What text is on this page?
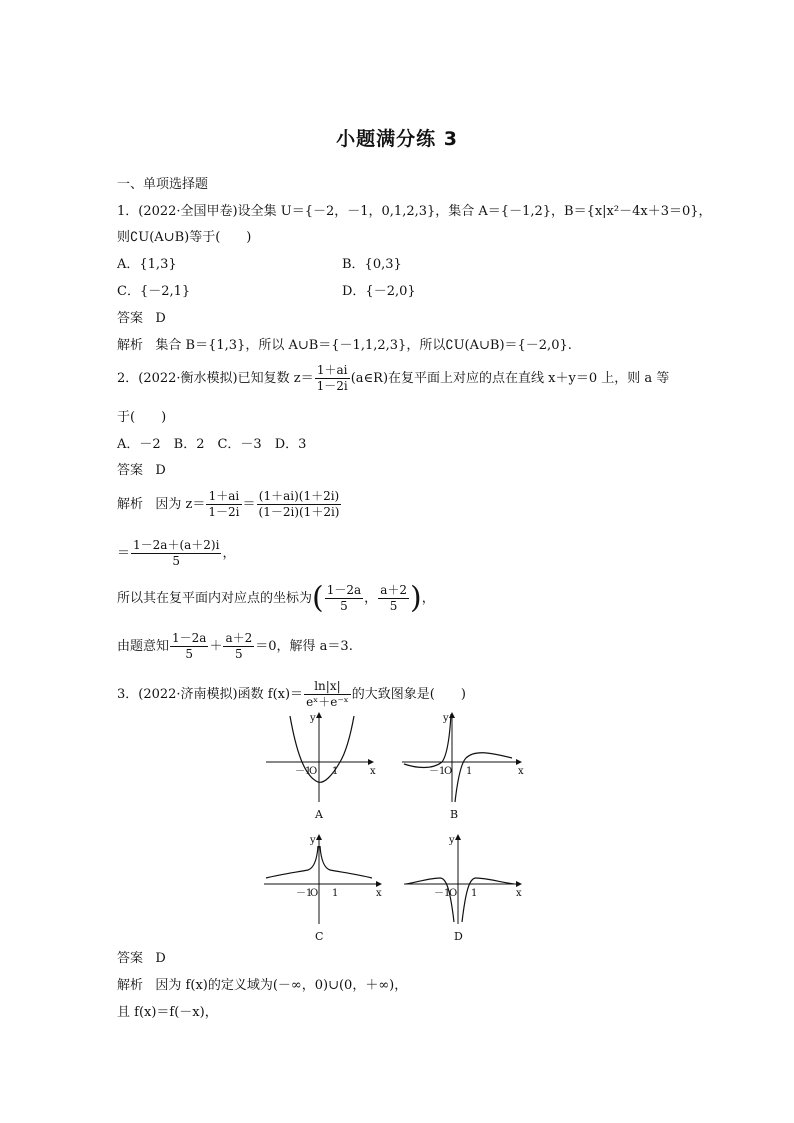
小题满分练 3
一、单项选择题
1．(2022·全国甲卷)设全集 U＝{－2，－1，0,1,2,3}，集合 A＝{－1,2}，B＝{x|x²－4x＋3＝0}，
则∁U(A∪B)等于(　　)
A．{1,3}	B．{0,3}
C．{－2,1}	D．{－2,0}
答案 D
解析 集合 B＝{1,3}，所以 A∪B＝{－1,1,2,3}，所以∁U(A∪B)＝{－2,0}.
2．(2022·衡水模拟)已知复数 $z= \frac{1+ai}{1-2i}$ (a∈R)在复平面上对应的点在直线 x＋y＝0 上，则 a 等
于(　　)
A．－2　B．2　C．－3　D．3
答案 D
解析 因为 $z= \frac{1+ai}{1-2i} = \frac{(1+ai)(1+2i)}{(1-2i)(1+2i)}$
＝ $\frac{1-2a+(a+2)i}{5}$ ，
所以其在复平面内对应点的坐标为( $\frac{1-2a}{5}$ ， $\frac{a+2}{5}$ )，
由题意知 $\frac{1-2a}{5} + \frac{a+2}{5} =0$，解得 a＝3.
3．(2022·济南模拟)函数 $f(x)= \frac{\ln|x|}{\text{eˣ＋e⁻ˣ}}$ 的大致图象是(　　)
x
y
－1
O 1
A
x
y
－1
O 1
B
x
y
－1
O 1
C
x
y
－1
O 1
D
答案 D
解析 因为 f(x)的定义域为(－∞，0)∪(0，＋∞)，
且 f(x)＝f(－x)，
